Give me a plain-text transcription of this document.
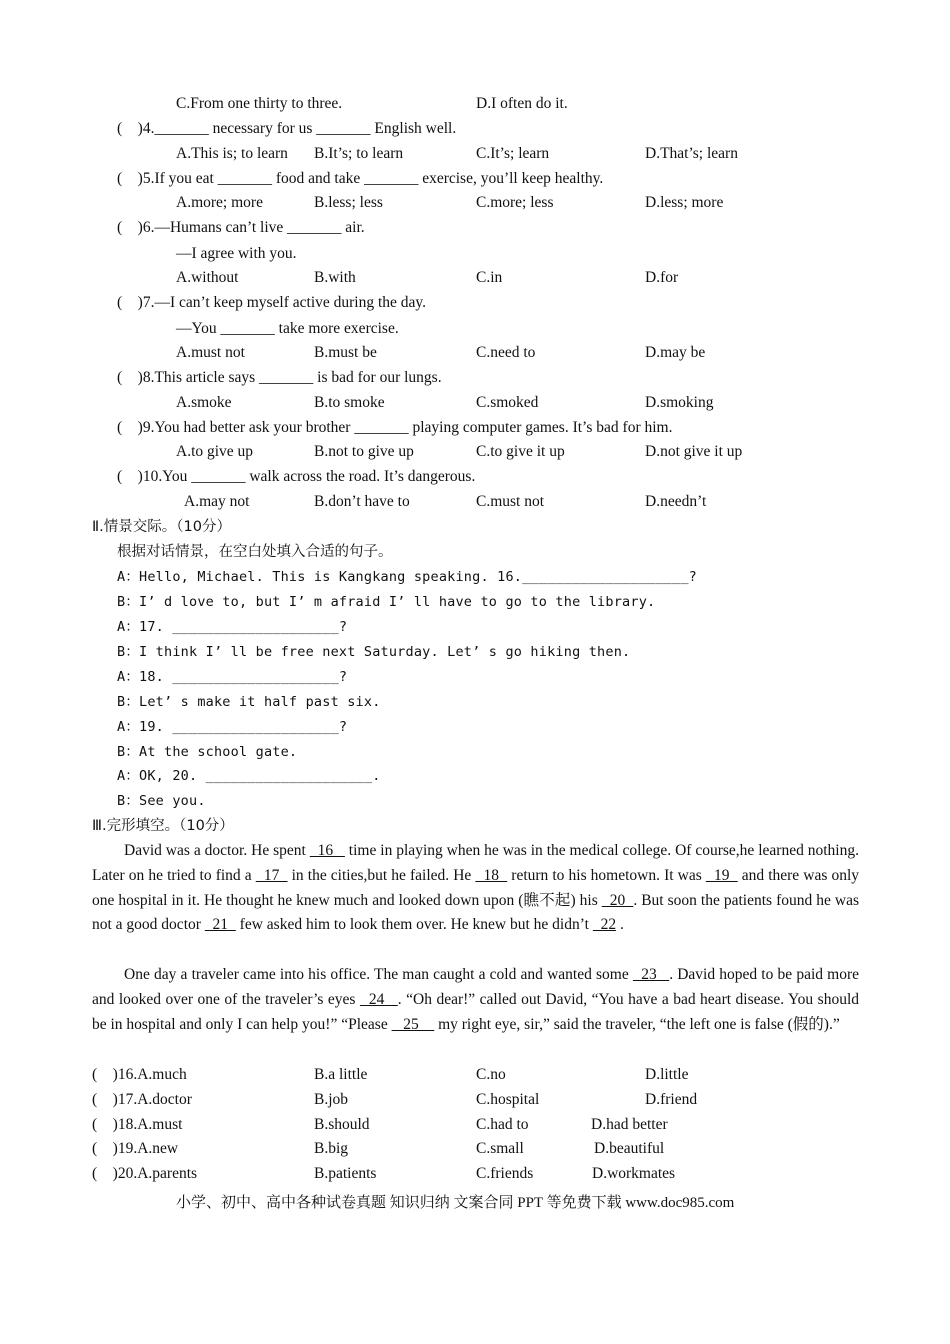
C.From one thirty to three.	D.I often do it.
(    )4._______ necessary for us _______ English well.
A.This is; to learn B.It’s; to learn	C.It’s; learn	D.That’s; learn
(    )5.If you eat _______ food and take _______ exercise, you’ll keep healthy.
A.more; more	B.less; less	C.more; less	D.less; more
(    )6.—Humans can’t live _______ air.
—I agree with you.
A.without	B.with	C.in	D.for
(    )7.—I can’t keep myself active during the day.
—You _______ take more exercise.
A.must not	B.must be	C.need to	D.may be
(    )8.This article says _______ is bad for our lungs.
A.smoke	B.to smoke	C.smoked	D.smoking
(    )9.You had better ask your brother _______ playing computer games. It’s bad for him.
A.to give up	B.not to give up	C.to give it up	D.not give it up
(    )10.You _______ walk across the road. It’s dangerous.
A.may not	B.don’t have to	C.must not	D.needn’t
Ⅱ.情景交际。（10分）
根据对话情景，在空白处填入合适的句子。
A：Hello, Michael. This is Kangkang speaking. 16.____________________?
B：I’ d love to, but I’ m afraid I’ ll have to go to the library.
A：17. ____________________?
B：I think I’ ll be free next Saturday. Let’ s go hiking then.
A：18. ____________________?
B：Let’ s make it half past six.
A：19. ____________________?
B：At the school gate.
A：OK, 20. ____________________.
B：See you.
Ⅲ.完形填空。（10分）
David was a doctor. He spent   16    time in playing when he was in the medical college. Of course,he learned nothing. Later on he tried to find a   17   in the cities,but he failed. He   18   return to his hometown. It was   19   and there was only one hospital in it. He thought he knew much and looked down upon (瞧不起) his   20  . But soon the patients found he was not a good doctor   21   few asked him to look them over. He knew but he didn’t   22 .
One day a traveler came into his office. The man caught a cold and wanted some   23   . David hoped to be paid more and looked over one of the traveler’s eyes   24   . “Oh dear!” called out David, “You have a bad heart disease. You should be in hospital and only I can help you!” “Please    25     my right eye, sir,” said the traveler, “the left one is false (假的).”
(    )16.A.much	B.a little	C.no	D.little
(    )17.A.doctor	B.job	C.hospital	D.friend
(    )18.A.must	B.should	C.had to	D.had better
(    )19.A.new	B.big	C.small	D.beautiful
(    )20.A.parents	B.patients	C.friends	D.workmates
小学、初中、高中各种试卷真题 知识归纳 文案合同 PPT 等免费下载 www.doc985.com
